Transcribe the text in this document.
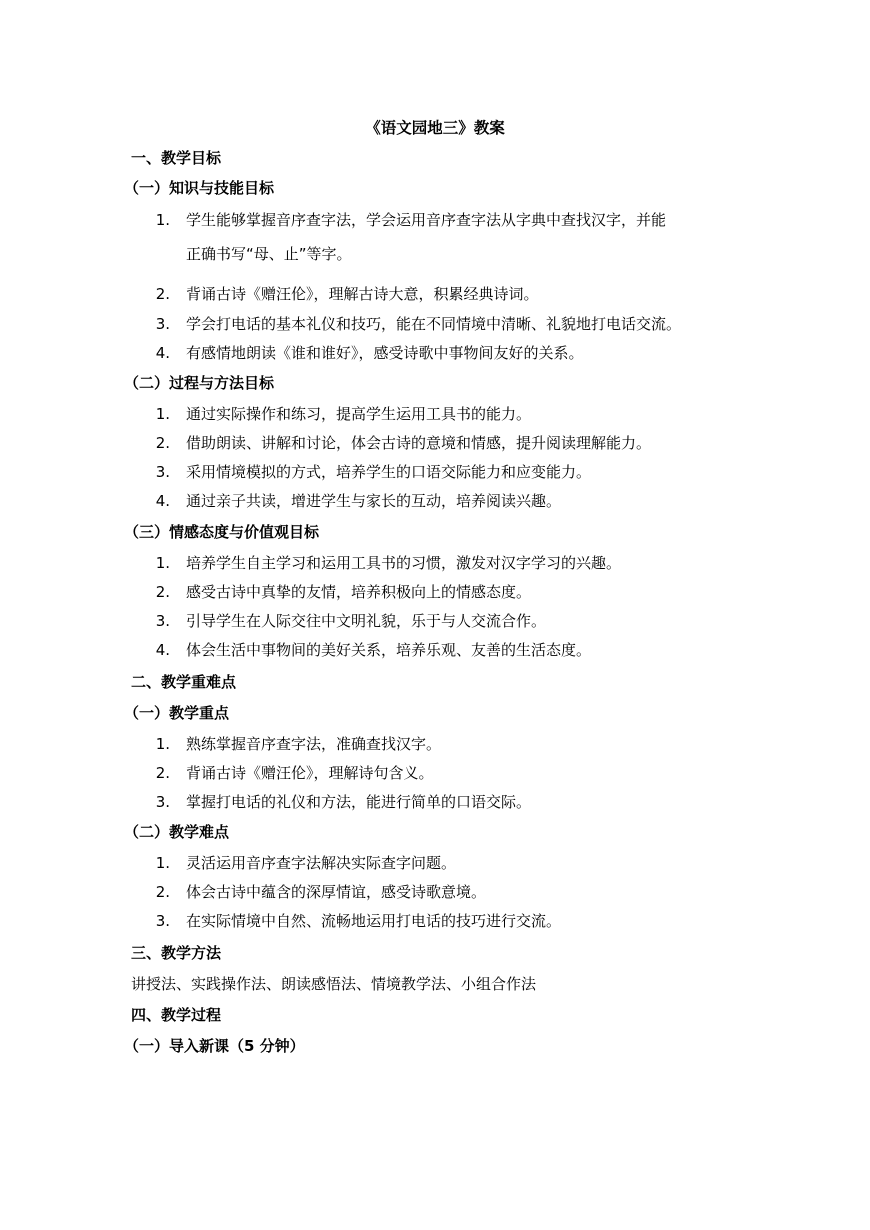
《语文园地三》教案
一、教学目标
（一）知识与技能目标
1. 学生能够掌握音序查字法，学会运用音序查字法从字典中查找汉字，并能
正确书写“母、止”等字。
2. 背诵古诗《赠汪伦》，理解古诗大意，积累经典诗词。
3. 学会打电话的基本礼仪和技巧，能在不同情境中清晰、礼貌地打电话交流。
4. 有感情地朗读《谁和谁好》，感受诗歌中事物间友好的关系。
（二）过程与方法目标
1. 通过实际操作和练习，提高学生运用工具书的能力。
2. 借助朗读、讲解和讨论，体会古诗的意境和情感，提升阅读理解能力。
3. 采用情境模拟的方式，培养学生的口语交际能力和应变能力。
4. 通过亲子共读，增进学生与家长的互动，培养阅读兴趣。
（三）情感态度与价值观目标
1. 培养学生自主学习和运用工具书的习惯，激发对汉字学习的兴趣。
2. 感受古诗中真挚的友情，培养积极向上的情感态度。
3. 引导学生在人际交往中文明礼貌，乐于与人交流合作。
4. 体会生活中事物间的美好关系，培养乐观、友善的生活态度。
二、教学重难点
（一）教学重点
1. 熟练掌握音序查字法，准确查找汉字。
2. 背诵古诗《赠汪伦》，理解诗句含义。
3. 掌握打电话的礼仪和方法，能进行简单的口语交际。
（二）教学难点
1. 灵活运用音序查字法解决实际查字问题。
2. 体会古诗中蕴含的深厚情谊，感受诗歌意境。
3. 在实际情境中自然、流畅地运用打电话的技巧进行交流。
三、教学方法
讲授法、实践操作法、朗读感悟法、情境教学法、小组合作法
四、教学过程
（一）导入新课（5 分钟）
